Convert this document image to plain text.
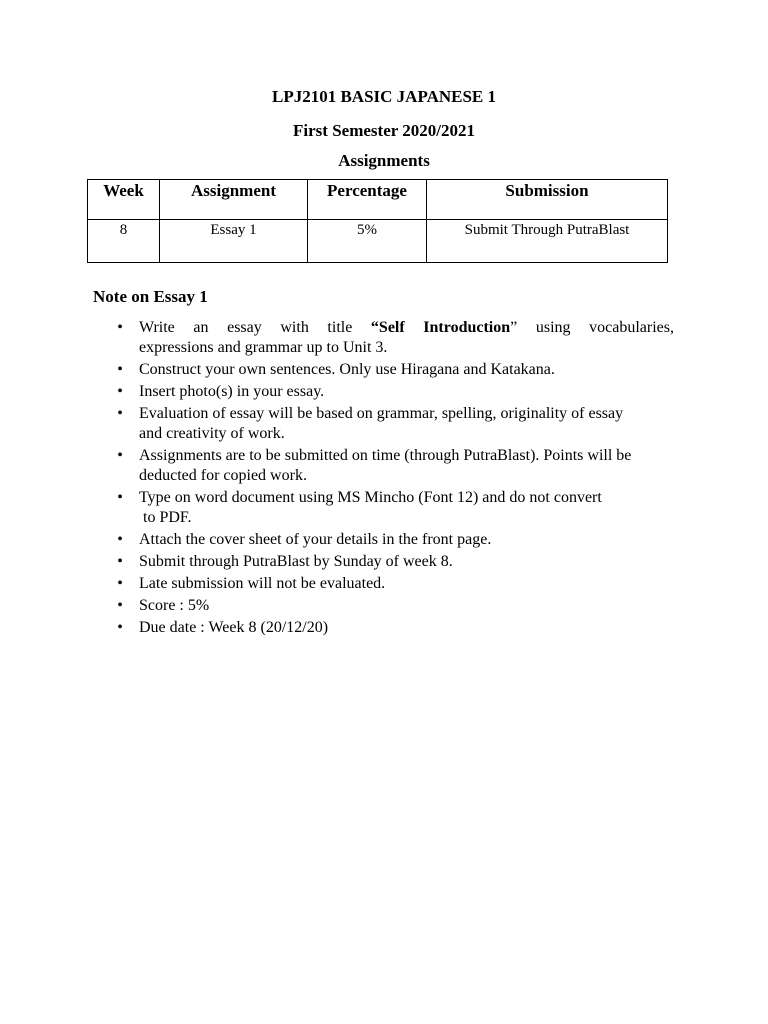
LPJ2101 BASIC JAPANESE 1
First Semester 2020/2021
Assignments
Week	Assignment	Percentage	Submission
8	Essay 1	5%	Submit Through PutraBlast
Note on Essay 1
• Write an essay with title “Self Introduction” using vocabularies,
expressions and grammar up to Unit 3.
• Construct your own sentences. Only use Hiragana and Katakana.
• Insert photo(s) in your essay.
• Evaluation of essay will be based on grammar, spelling, originality of essay and creativity of work.
• Assignments are to be submitted on time (through PutraBlast). Points will be deducted for copied work.
• Type on word document using MS Mincho (Font 12) and do not convert
to PDF.
• Attach the cover sheet of your details in the front page.
• Submit through PutraBlast by Sunday of week 8.
• Late submission will not be evaluated.
• Score : 5%
• Due date : Week 8 (20/12/20)
